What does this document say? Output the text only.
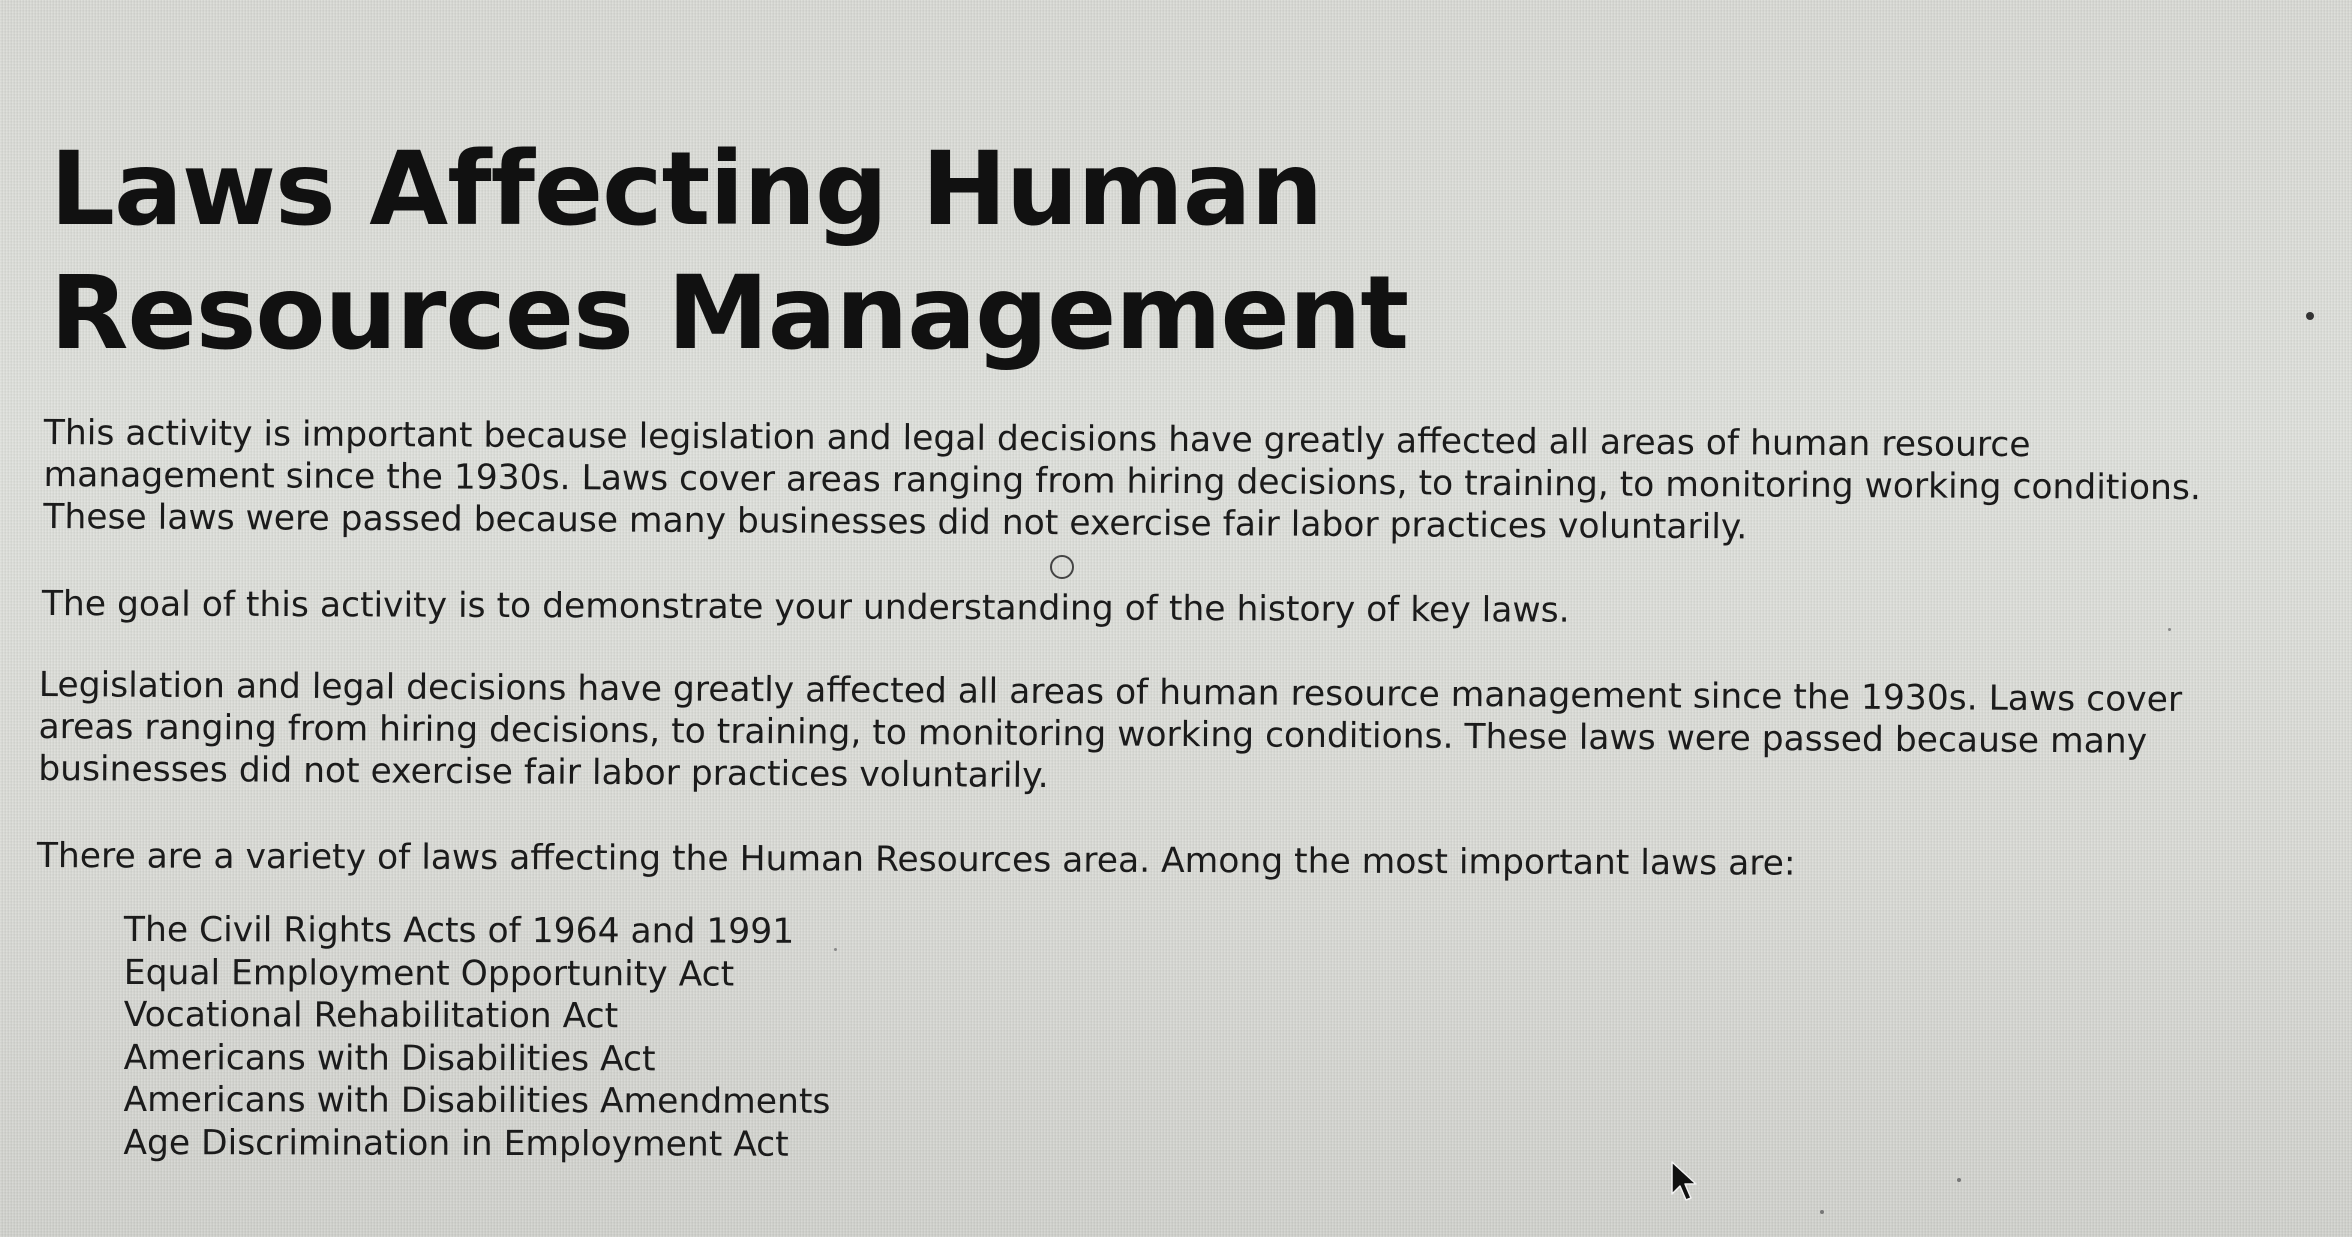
Laws Affecting Human Resources Management

This activity is important because legislation and legal decisions have greatly affected all areas of human resource management since the 1930s. Laws cover areas ranging from hiring decisions, to training, to monitoring working conditions. These laws were passed because many businesses did not exercise fair labor practices voluntarily.

The goal of this activity is to demonstrate your understanding of the history of key laws.

Legislation and legal decisions have greatly affected all areas of human resource management since the 1930s. Laws cover areas ranging from hiring decisions, to training, to monitoring working conditions. These laws were passed because many businesses did not exercise fair labor practices voluntarily.

There are a variety of laws affecting the Human Resources area. Among the most important laws are:

The Civil Rights Acts of 1964 and 1991
Equal Employment Opportunity Act
Vocational Rehabilitation Act
Americans with Disabilities Act
Americans with Disabilities Amendments
Age Discrimination in Employment Act
